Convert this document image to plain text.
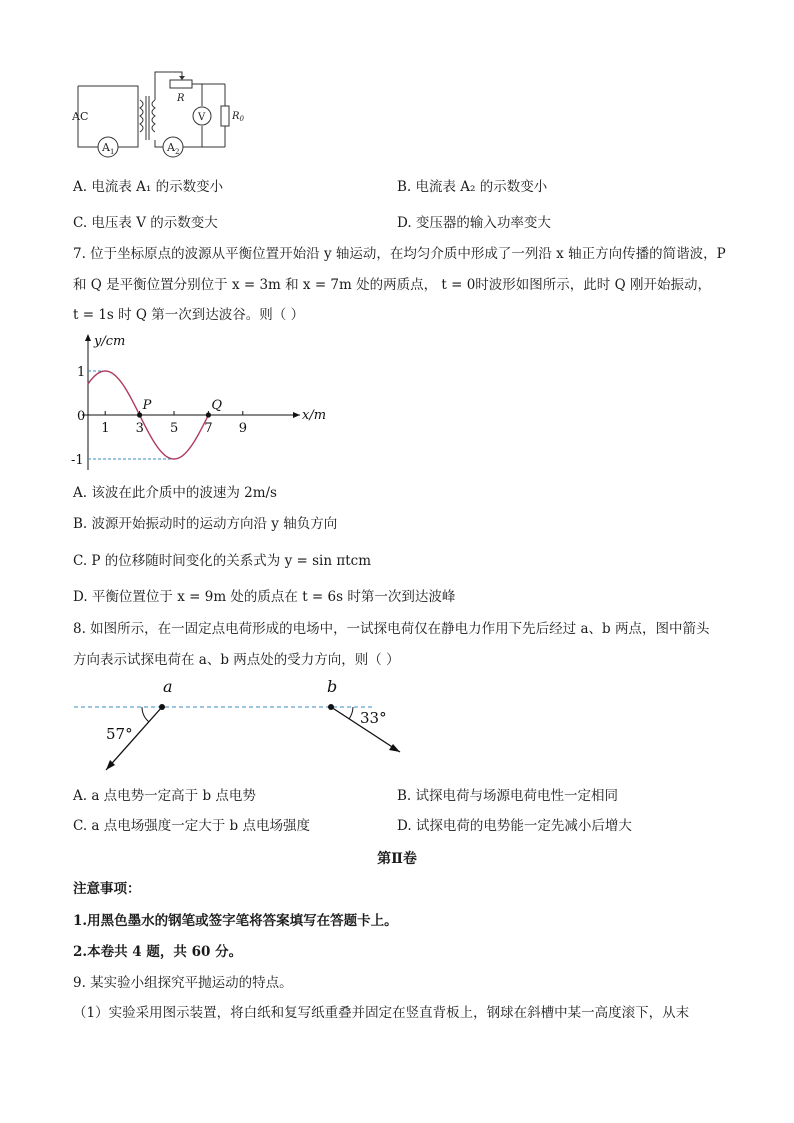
AC
$A_1$	$A_2$
R
V	$R_0$
A. 电流表 A₁ 的示数变小	B. 电流表 A₂ 的示数变小
C. 电压表 V 的示数变大	D. 变压器的输入功率变大
7. 位于坐标原点的波源从平衡位置开始沿 y 轴运动，在均匀介质中形成了一列沿 x 轴正方向传播的简谐波，P
和 Q 是平衡位置分别位于 x = 3m 和 x = 7m 处的两质点， t = 0时波形如图所示，此时 Q 刚开始振动，
t = 1s 时 Q 第一次到达波谷。则（ ）
x/m
y/cm
1 3 5 7 9
1
0
-1
P	Q
A. 该波在此介质中的波速为 2m/s
B. 波源开始振动时的运动方向沿 y 轴负方向
C. P 的位移随时间变化的关系式为 y = sin πtcm
D. 平衡位置位于 x = 9m 处的质点在 t = 6s 时第一次到达波峰
8. 如图所示，在一固定点电荷形成的电场中，一试探电荷仅在静电力作用下先后经过 a、b 两点，图中箭头
方向表示试探电荷在 a、b 两点处的受力方向，则（ ）
a
57°
b
33°
A. a 点电势一定高于 b 点电势	B. 试探电荷与场源电荷电性一定相同
C. a 点电场强度一定大于 b 点电场强度	D. 试探电荷的电势能一定先减小后增大
第Ⅱ卷
注意事项：
1.用黑色墨水的钢笔或签字笔将答案填写在答题卡上。
2.本卷共 4 题，共 60 分。
9. 某实验小组探究平抛运动的特点。
（1）实验采用图示装置，将白纸和复写纸重叠并固定在竖直背板上，钢球在斜槽中某一高度滚下，从末
